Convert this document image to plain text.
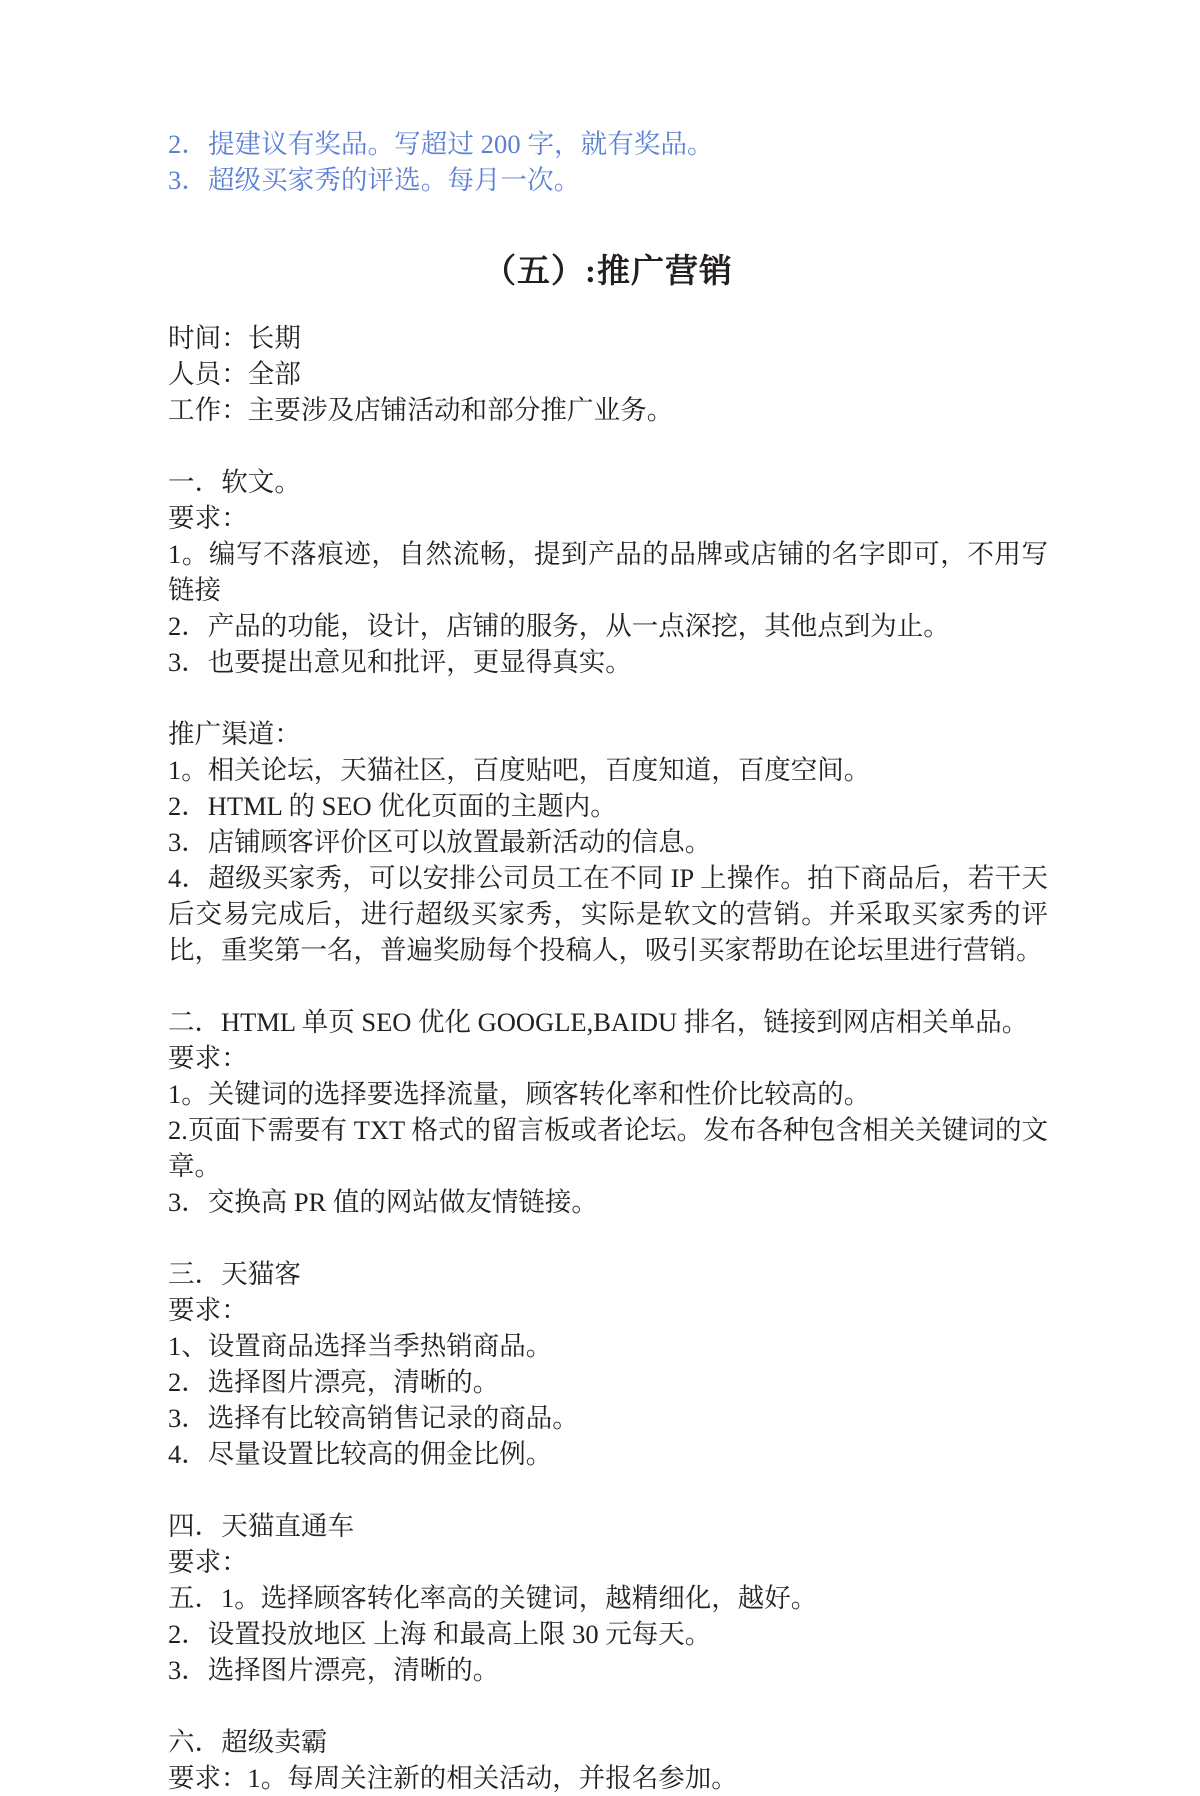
2．提建议有奖品。写超过 200 字，就有奖品。
3．超级买家秀的评选。每月一次。
（五）:推广营销
时间：长期
人员：全部
工作：主要涉及店铺活动和部分推广业务。
一．软文。
要求：
1。编写不落痕迹，自然流畅，提到产品的品牌或店铺的名字即可，不用写链接
2．产品的功能，设计，店铺的服务，从一点深挖，其他点到为止。
3．也要提出意见和批评，更显得真实。
推广渠道：
1。相关论坛，天猫社区，百度贴吧，百度知道，百度空间。
2．HTML 的 SEO 优化页面的主题内。
3．店铺顾客评价区可以放置最新活动的信息。
4．超级买家秀，可以安排公司员工在不同 IP 上操作。拍下商品后，若干天后交易完成后，进行超级买家秀，实际是软文的营销。并采取买家秀的评比，重奖第一名，普遍奖励每个投稿人，吸引买家帮助在论坛里进行营销。
二．HTML 单页 SEO 优化 GOOGLE,BAIDU 排名，链接到网店相关单品。
要求：
1。关键词的选择要选择流量，顾客转化率和性价比较高的。
2.页面下需要有 TXT 格式的留言板或者论坛。发布各种包含相关关键词的文章。
3．交换高 PR 值的网站做友情链接。
三．天猫客
要求：
1、设置商品选择当季热销商品。
2．选择图片漂亮，清晰的。
3．选择有比较高销售记录的商品。
4．尽量设置比较高的佣金比例。
四．天猫直通车
要求：
五．1。选择顾客转化率高的关键词，越精细化，越好。
2．设置投放地区 上海 和最高上限 30 元每天。
3．选择图片漂亮，清晰的。
六．超级卖霸
要求：1。每周关注新的相关活动，并报名参加。
